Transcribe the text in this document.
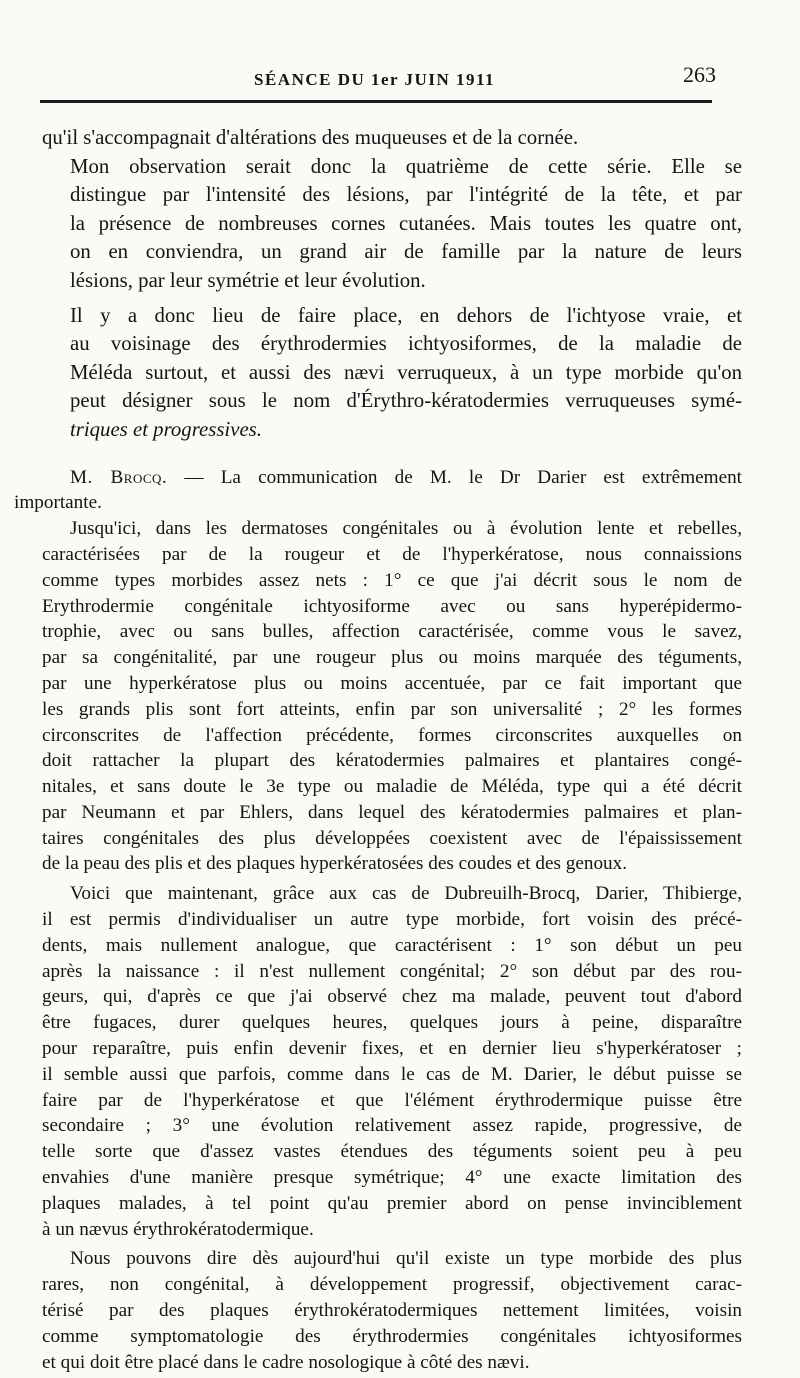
SÉANCE DU 1er JUIN 1911	263

qu'il s'accompagnait d'altérations des muqueuses et de la cornée.

Mon observation serait donc la quatrième de cette série. Elle se
distingue par l'intensité des lésions, par l'intégrité de la tête, et par
la présence de nombreuses cornes cutanées. Mais toutes les quatre ont,
on en conviendra, un grand air de famille par la nature de leurs
lésions, par leur symétrie et leur évolution.

Il y a donc lieu de faire place, en dehors de l'ichtyose vraie, et
au voisinage des érythrodermies ichtyosiformes, de la maladie de
Méléda surtout, et aussi des nævi verruqueux, à un type morbide qu'on
peut désigner sous le nom d'Érythro-kératodermies verruqueuses symé-
triques et progressives.

M. Brocq. — La communication de M. le Dr Darier est extrêmement
importante.

Jusqu'ici, dans les dermatoses congénitales ou à évolution lente et rebelles,

caractérisées par de la rougeur et de l'hyperkératose, nous connaissions
comme types morbides assez nets : 1° ce que j'ai décrit sous le nom de
Erythrodermie congénitale ichtyosiforme avec ou sans hyperépidermo-
trophie, avec ou sans bulles, affection caractérisée, comme vous le savez,
par sa congénitalité, par une rougeur plus ou moins marquée des téguments,
par une hyperkératose plus ou moins accentuée, par ce fait important que
les grands plis sont fort atteints, enfin par son universalité ; 2° les formes
circonscrites de l'affection précédente, formes circonscrites auxquelles on
doit rattacher la plupart des kératodermies palmaires et plantaires congé-
nitales, et sans doute le 3e type ou maladie de Méléda, type qui a été décrit
par Neumann et par Ehlers, dans lequel des kératodermies palmaires et plan-
taires congénitales des plus développées coexistent avec de l'épaississement
de la peau des plis et des plaques hyperkératosées des coudes et des genoux.
Voici que maintenant, grâce aux cas de Dubreuilh-Brocq, Darier, Thibierge,
il est permis d'individualiser un autre type morbide, fort voisin des précé-
dents, mais nullement analogue, que caractérisent : 1° son début un peu
après la naissance : il n'est nullement congénital; 2° son début par des rou-
geurs, qui, d'après ce que j'ai observé chez ma malade, peuvent tout d'abord
être fugaces, durer quelques heures, quelques jours à peine, disparaître
pour reparaître, puis enfin devenir fixes, et en dernier lieu s'hyperkératoser ;
il semble aussi que parfois, comme dans le cas de M. Darier, le début puisse se
faire par de l'hyperkératose et que l'élément érythrodermique puisse être
secondaire ; 3° une évolution relativement assez rapide, progressive, de
telle sorte que d'assez vastes étendues des téguments soient peu à peu
envahies d'une manière presque symétrique; 4° une exacte limitation des
plaques malades, à tel point qu'au premier abord on pense invinciblement
à un nævus érythrokératodermique.
Nous pouvons dire dès aujourd'hui qu'il existe un type morbide des plus
rares, non congénital, à développement progressif, objectivement carac-
térisé par des plaques érythrokératodermiques nettement limitées, voisin
comme symptomatologie des érythrodermies congénitales ichtyosiformes
et qui doit être placé dans le cadre nosologique à côté des nævi.
